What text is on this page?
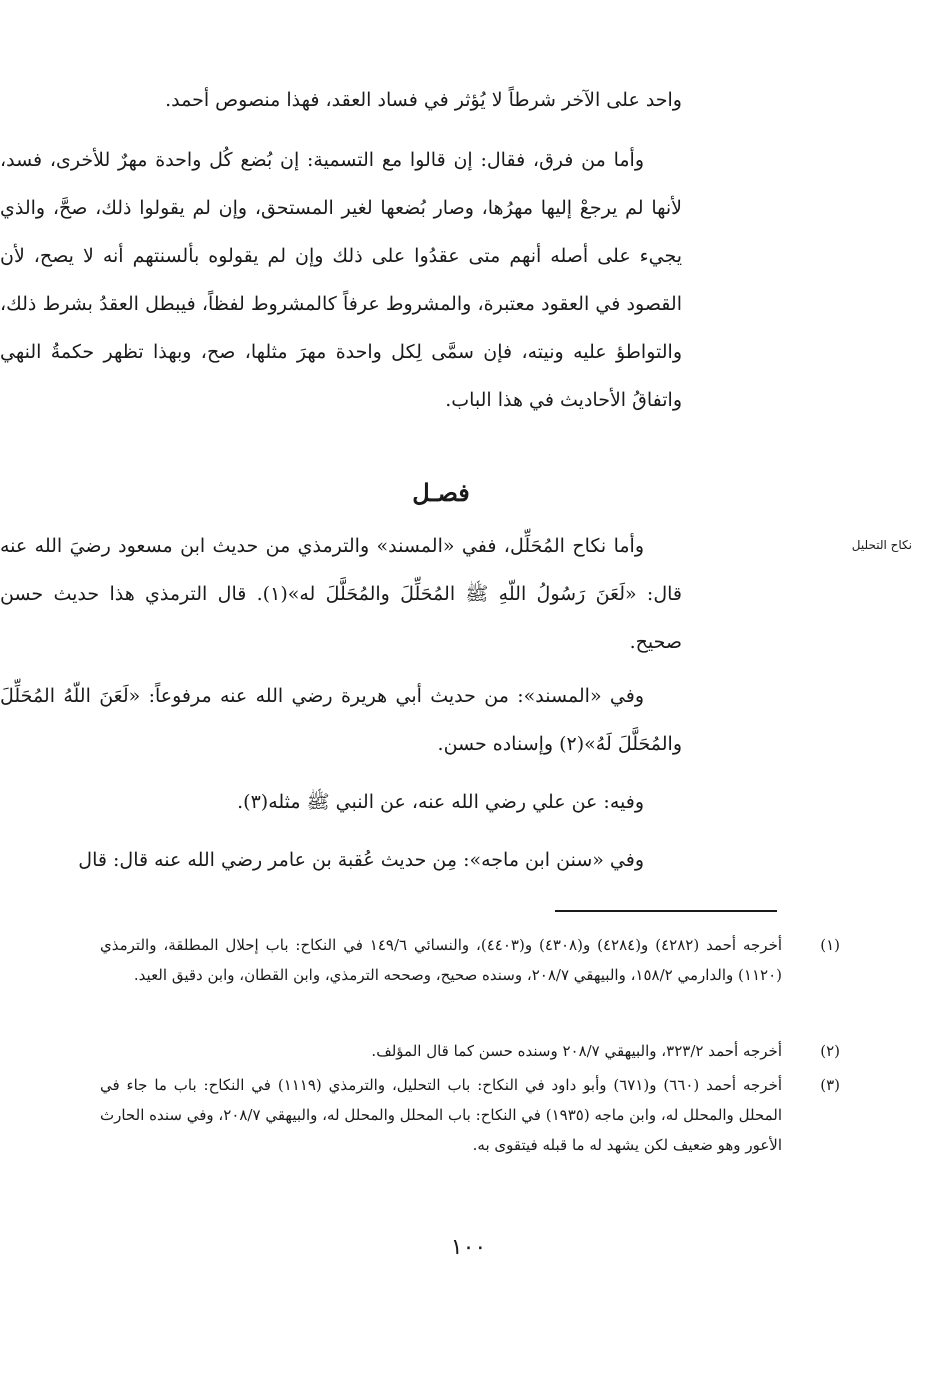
واحد على الآخر شرطاً لا يُؤثر في فساد العقد، فهذا منصوص أحمد.
وأما من فرق، فقال: إن قالوا مع التسمية: إن بُضع كُل واحدة مهرٌ للأخرى، فسد، لأنها لم يرجعْ إليها مهرُها، وصار بُضعها لغير المستحق، وإن لم يقولوا ذلك، صحَّ، والذي يجيء على أصله أنهم متى عقدُوا على ذلك وإن لم يقولوه بألسنتهم أنه لا يصح، لأن القصود في العقود معتبرة، والمشروط عرفاً كالمشروط لفظاً، فيبطل العقدُ بشرط ذلك، والتواطؤ عليه ونيته، فإن سمَّى لِكل واحدة مهرَ مثلها، صح، وبهذا تظهر حكمةُ النهي واتفاقُ الأحاديث في هذا الباب.
فصـل
نكاح التحليل
وأما نكاح المُحَلِّل، ففي «المسند» والترمذي من حديث ابن مسعود رضيَ الله عنه قال: «لَعَنَ رَسُولُ اللّهِ ﷺ المُحَلِّلَ والمُحَلَّلَ له»(١). قال الترمذي هذا حديث حسن صحيح.
وفي «المسند»: من حديث أبي هريرة رضي الله عنه مرفوعاً: «لَعَنَ اللّهُ المُحَلِّلَ والمُحَلَّلَ لَهُ»(٢) وإسناده حسن.
وفيه: عن علي رضي الله عنه، عن النبي ﷺ مثله(٣).
وفي «سنن ابن ماجه»: مِن حديث عُقبة بن عامر رضي الله عنه قال: قال
(١)
أخرجه أحمد (٤٢٨٢) و(٤٢٨٤) و(٤٣٠٨) و(٤٤٠٣)، والنسائي ١٤٩/٦ في النكاح: باب إحلال المطلقة، والترمذي (١١٢٠) والدارمي ١٥٨/٢، والبيهقي ٢٠٨/٧، وسنده صحيح، وصححه الترمذي، وابن القطان، وابن دقيق العيد.
(٢)
أخرجه أحمد ٣٢٣/٢، والبيهقي ٢٠٨/٧ وسنده حسن كما قال المؤلف.
(٣)
أخرجه أحمد (٦٦٠) و(٦٧١) وأبو داود في النكاح: باب التحليل، والترمذي (١١١٩) في النكاح: باب ما جاء في المحلل والمحلل له، وابن ماجه (١٩٣٥) في النكاح: باب المحلل والمحلل له، والبيهقي ٢٠٨/٧، وفي سنده الحارث الأعور وهو ضعيف لكن يشهد له ما قبله فيتقوى به.
١٠٠
